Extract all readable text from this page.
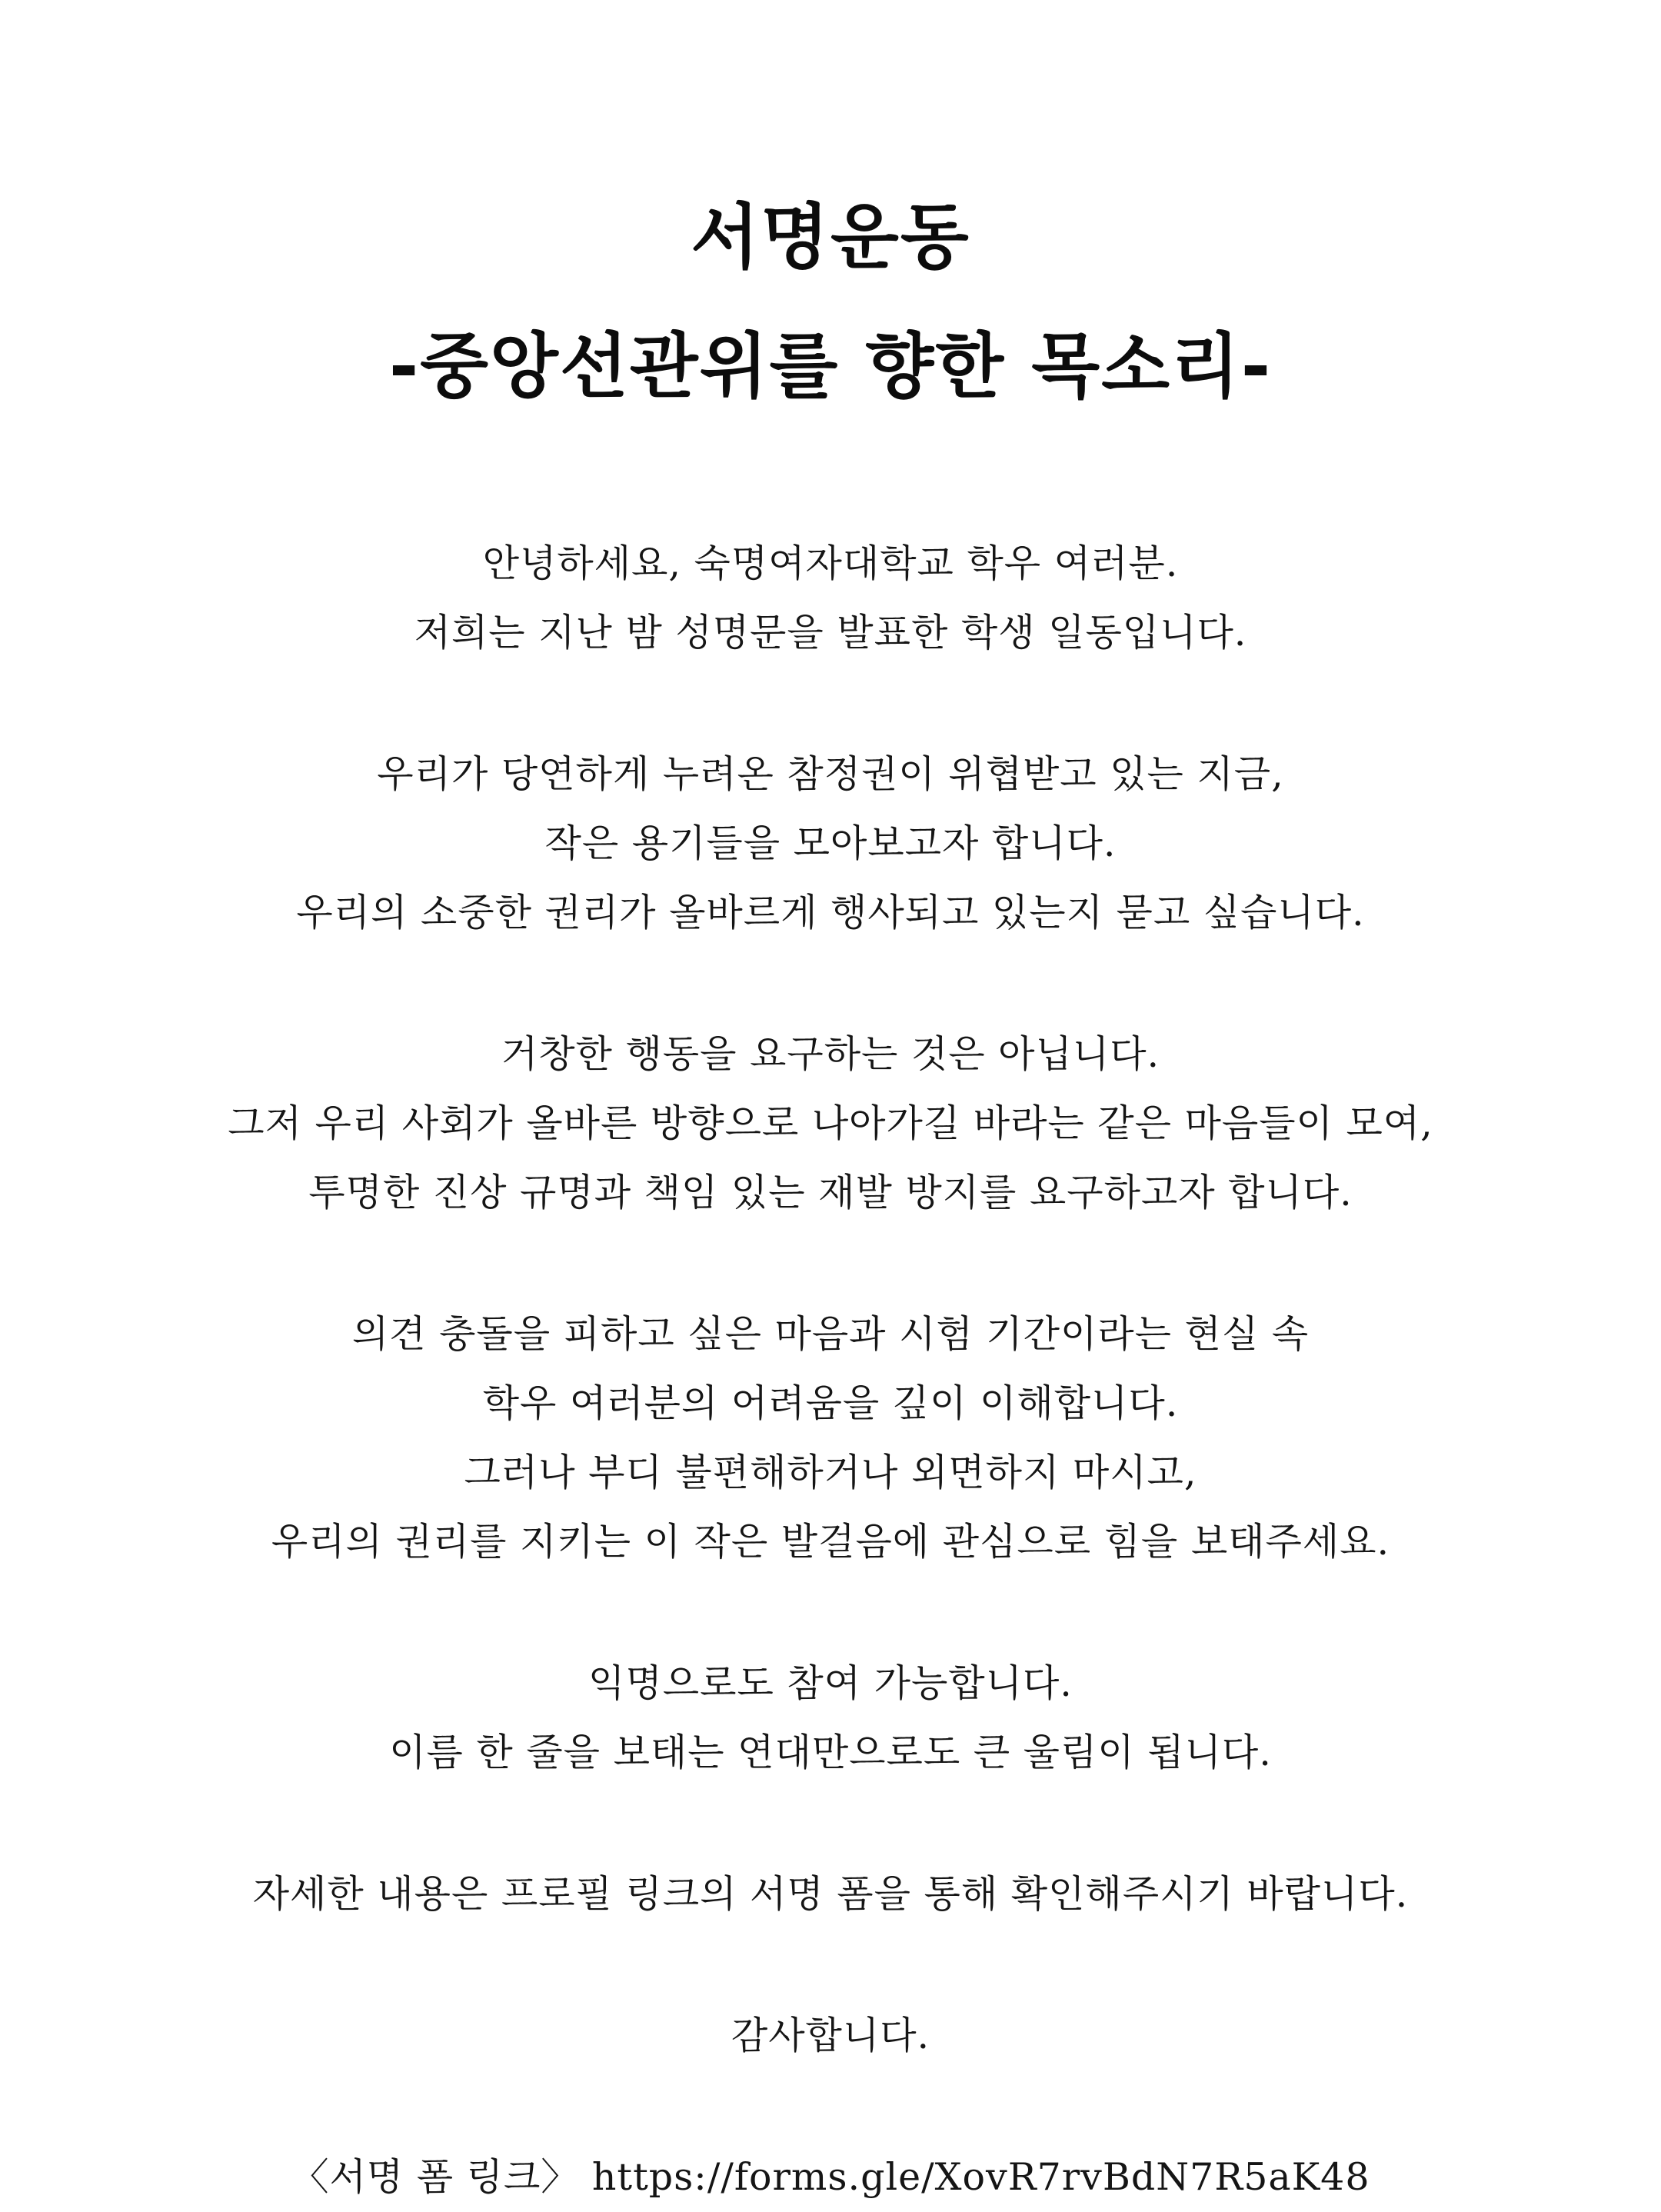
서명운동
-중앙선관위를 향한 목소리-
안녕하세요, 숙명여자대학교 학우 여러분.
저희는 지난 밤 성명문을 발표한 학생 일동입니다.
우리가 당연하게 누려온 참정권이 위협받고 있는 지금,
작은 용기들을 모아보고자 합니다.
우리의 소중한 권리가 올바르게 행사되고 있는지 묻고 싶습니다.
거창한 행동을 요구하는 것은 아닙니다.
그저 우리 사회가 올바른 방향으로 나아가길 바라는 같은 마음들이 모여,
투명한 진상 규명과 책임 있는 재발 방지를 요구하고자 합니다.
의견 충돌을 피하고 싶은 마음과 시험 기간이라는 현실 속
학우 여러분의 어려움을 깊이 이해합니다.
그러나 부디 불편해하거나 외면하지 마시고,
우리의 권리를 지키는 이 작은 발걸음에 관심으로 힘을 보태주세요.
익명으로도 참여 가능합니다.
이름 한 줄을 보태는 연대만으로도 큰 울림이 됩니다.
자세한 내용은 프로필 링크의 서명 폼을 통해 확인해주시기 바랍니다.
감사합니다.
〈서명 폼 링크〉 https://forms.gle/XovR7rvBdN7R5aK48
